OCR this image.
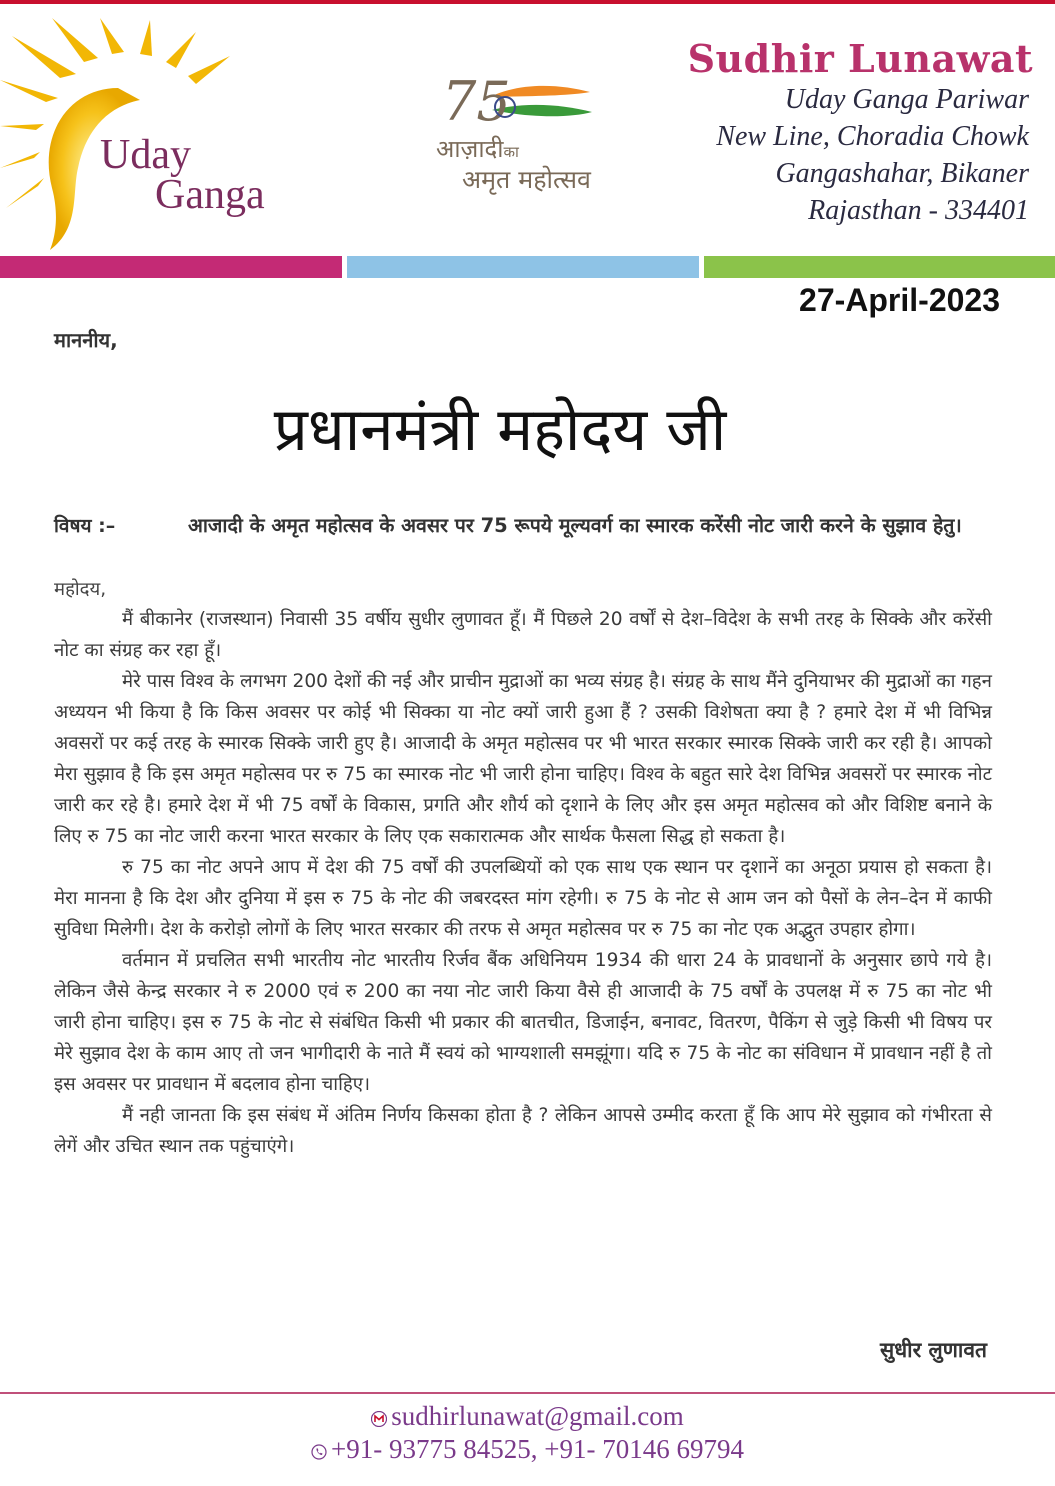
Uday
Ganga
75
आज़ादीका
अमृत महोत्सव
Sudhir Lunawat
Uday Ganga Pariwar
New Line, Choradia Chowk
Gangashahar, Bikaner
Rajasthan - 334401
27-April-2023
माननीय,
प्रधानमंत्री महोदय जी
विषय :–	आजादी के अमृत महोत्सव के अवसर पर 75 रूपये मूल्यवर्ग का स्मारक करेंसी नोट जारी करने के सुझाव हेतु।
महोदय,

मैं बीकानेर (राजस्थान) निवासी 35 वर्षीय सुधीर लुणावत हूँ। मैं पिछले 20 वर्षों से देश–विदेश के सभी तरह के सिक्के और करेंसी नोट का संग्रह कर रहा हूँ।

मेरे पास विश्व के लगभग 200 देशों की नई और प्राचीन मुद्राओं का भव्य संग्रह है। संग्रह के साथ मैंने दुनियाभर की मुद्राओं का गहन अध्ययन भी किया है कि किस अवसर पर कोई भी सिक्का या नोट क्यों जारी हुआ हैं ? उसकी विशेषता क्या है ? हमारे देश में भी विभिन्न अवसरों पर कई तरह के स्मारक सिक्के जारी हुए है। आजादी के अमृत महोत्सव पर भी भारत सरकार स्मारक सिक्के जारी कर रही है। आपको मेरा सुझाव है कि इस अमृत महोत्सव पर रु 75 का स्मारक नोट भी जारी होना चाहिए। विश्व के बहुत सारे देश विभिन्न अवसरों पर स्मारक नोट जारी कर रहे है। हमारे देश में भी 75 वर्षों के विकास, प्रगति और शौर्य को दृशाने के लिए और इस अमृत महोत्सव को और विशिष्ट बनाने के लिए रु 75 का नोट जारी करना भारत सरकार के लिए एक सकारात्मक और सार्थक फैसला सिद्ध हो सकता है।

रु 75 का नोट अपने आप में देश की 75 वर्षों की उपलब्धियों को एक साथ एक स्थान पर दृशानें का अनूठा प्रयास हो सकता है। मेरा मानना है कि देश और दुनिया में इस रु 75 के नोट की जबरदस्त मांग रहेगी। रु 75 के नोट से आम जन को पैसों के लेन–देन में काफी सुविधा मिलेगी। देश के करोड़ो लोगों के लिए भारत सरकार की तरफ से अमृत महोत्सव पर रु 75 का नोट एक अद्भुत उपहार होगा।

वर्तमान में प्रचलित सभी भारतीय नोट भारतीय रिर्जव बैंक अधिनियम 1934 की धारा 24 के प्रावधानों के अनुसार छापे गये है। लेकिन जैसे केन्द्र सरकार ने रु 2000 एवं रु 200 का नया नोट जारी किया वैसे ही आजादी के 75 वर्षों के उपलक्ष में रु 75 का नोट भी जारी होना चाहिए। इस रु 75 के नोट से संबंधित किसी भी प्रकार की बातचीत, डिजाईन, बनावट, वितरण, पैकिंग से जुड़े किसी भी विषय पर मेरे सुझाव देश के काम आए तो जन भागीदारी के नाते मैं स्वयं को भाग्यशाली समझूंगा। यदि रु 75 के नोट का संविधान में प्रावधान नहीं है तो इस अवसर पर प्रावधान में बदलाव होना चाहिए।

मैं नही जानता कि इस संबंध में अंतिम निर्णय किसका होता है ? लेकिन आपसे उम्मीद करता हूँ कि आप मेरे सुझाव को गंभीरता से लेगें और उचित स्थान तक पहुंचाएंगे।

सुधीर लुणावत
sudhirlunawat@gmail.com
+91- 93775 84525, +91- 70146 69794
